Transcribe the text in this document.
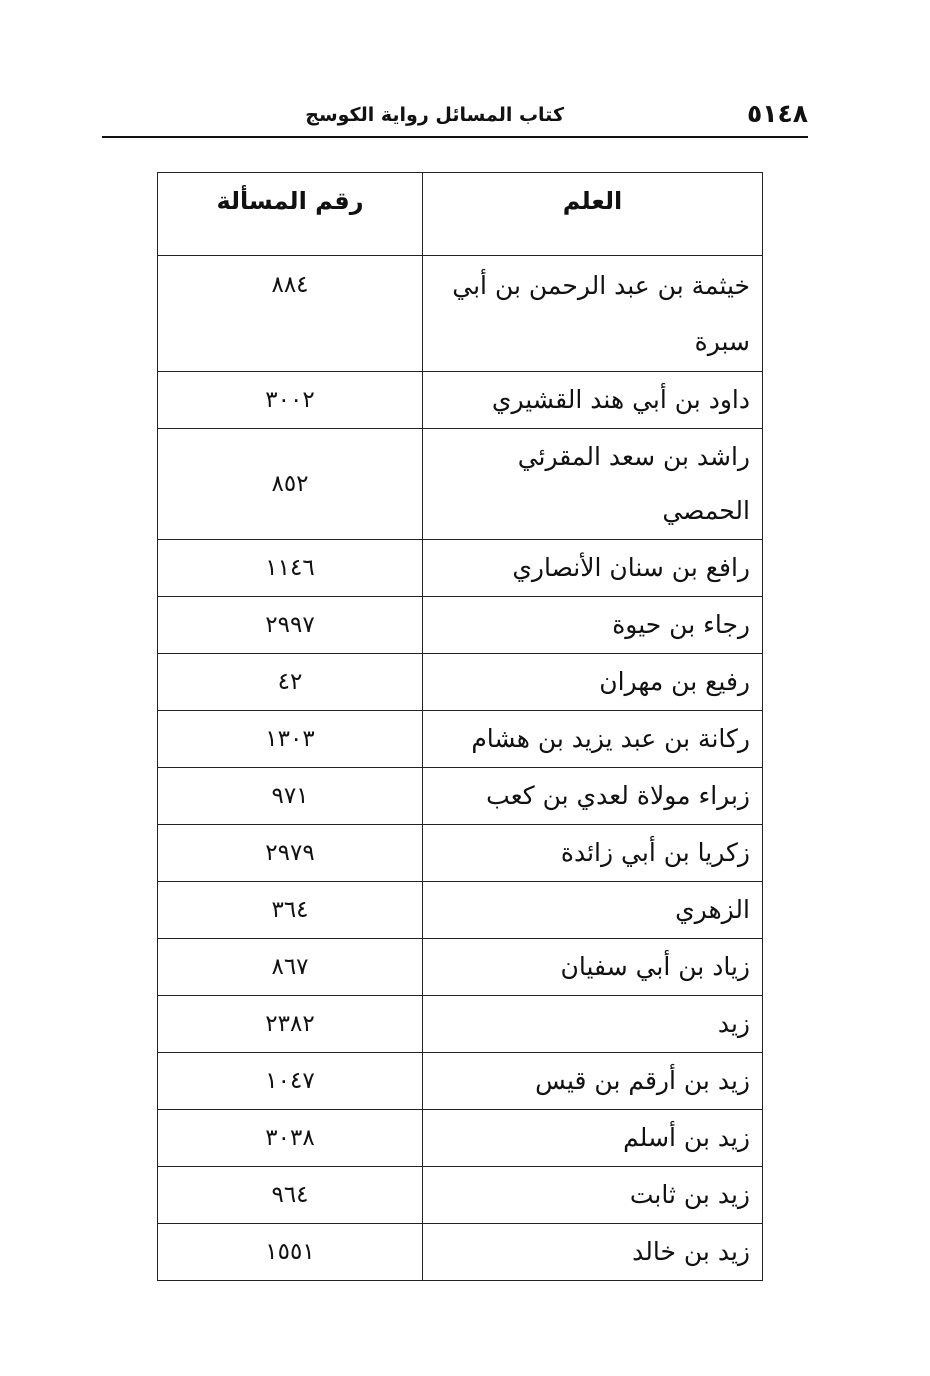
٥١٤٨
كتاب المسائل رواية الكوسج
العلم	رقم المسألة
خيثمة بن عبد الرحمن بن أبي سبرة	٨٨٤
داود بن أبي هند القشيري	٣٠٠٢
راشد بن سعد المقرئي الحمصي	٨٥٢
رافع بن سنان الأنصاري	١١٤٦
رجاء بن حيوة	٢٩٩٧
رفيع بن مهران	٤٢
ركانة بن عبد يزيد بن هشام	١٣٠٣
زبراء مولاة لعدي بن كعب	٩٧١
زكريا بن أبي زائدة	٢٩٧٩
الزهري	٣٦٤
زياد بن أبي سفيان	٨٦٧
زيد	٢٣٨٢
زيد بن أرقم بن قيس	١٠٤٧
زيد بن أسلم	٣٠٣٨
زيد بن ثابت	٩٦٤
زيد بن خالد	١٥٥١
